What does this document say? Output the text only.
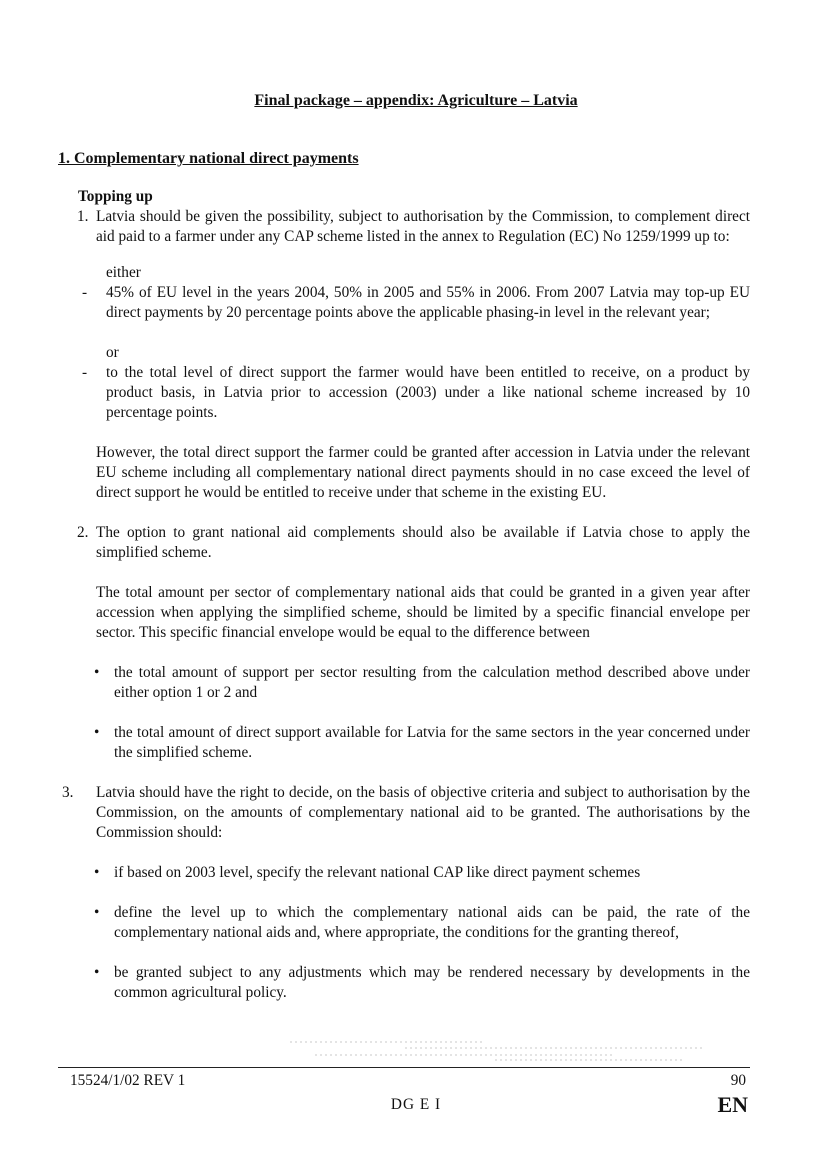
Final package – appendix: Agriculture – Latvia
1. Complementary national direct payments

Topping up

1. Latvia should be given the possibility, subject to authorisation by the Commission, to complement direct aid paid to a farmer under any CAP scheme listed in the annex to Regulation (EC) No 1259/1999 up to:

either

- 45% of EU level in the years 2004, 50% in 2005 and 55% in 2006. From 2007 Latvia may top-up EU direct payments by 20 percentage points above the applicable phasing-in level in the relevant year;

or

- to the total level of direct support the farmer would have been entitled to receive, on a product by product basis, in Latvia prior to accession (2003) under a like national scheme increased by 10 percentage points.

However, the total direct support the farmer could be granted after accession in Latvia under the relevant EU scheme including all complementary national direct payments should in no case exceed the level of direct support he would be entitled to receive under that scheme in the existing EU.

2. The option to grant national aid complements should also be available if Latvia chose to apply the simplified scheme.

The total amount per sector of complementary national aids that could be granted in a given year after accession when applying the simplified scheme, should be limited by a specific financial envelope per sector. This specific financial envelope would be equal to the difference between

• the total amount of support per sector resulting from the calculation method described above under either option 1 or 2 and

• the total amount of direct support available for Latvia for the same sectors in the year concerned under the simplified scheme.

3. Latvia should have the right to decide, on the basis of objective criteria and subject to authorisation by the Commission, on the amounts of complementary national aid to be granted. The authorisations by the Commission should:

• if based on 2003 level, specify the relevant national CAP like direct payment schemes

• define the level up to which the complementary national aids can be paid, the rate of the complementary national aids and, where appropriate, the conditions for the granting thereof,

• be granted subject to any adjustments which may be rendered necessary by developments in the common agricultural policy.

15524/1/02 REV 1	90
DG E I	EN
